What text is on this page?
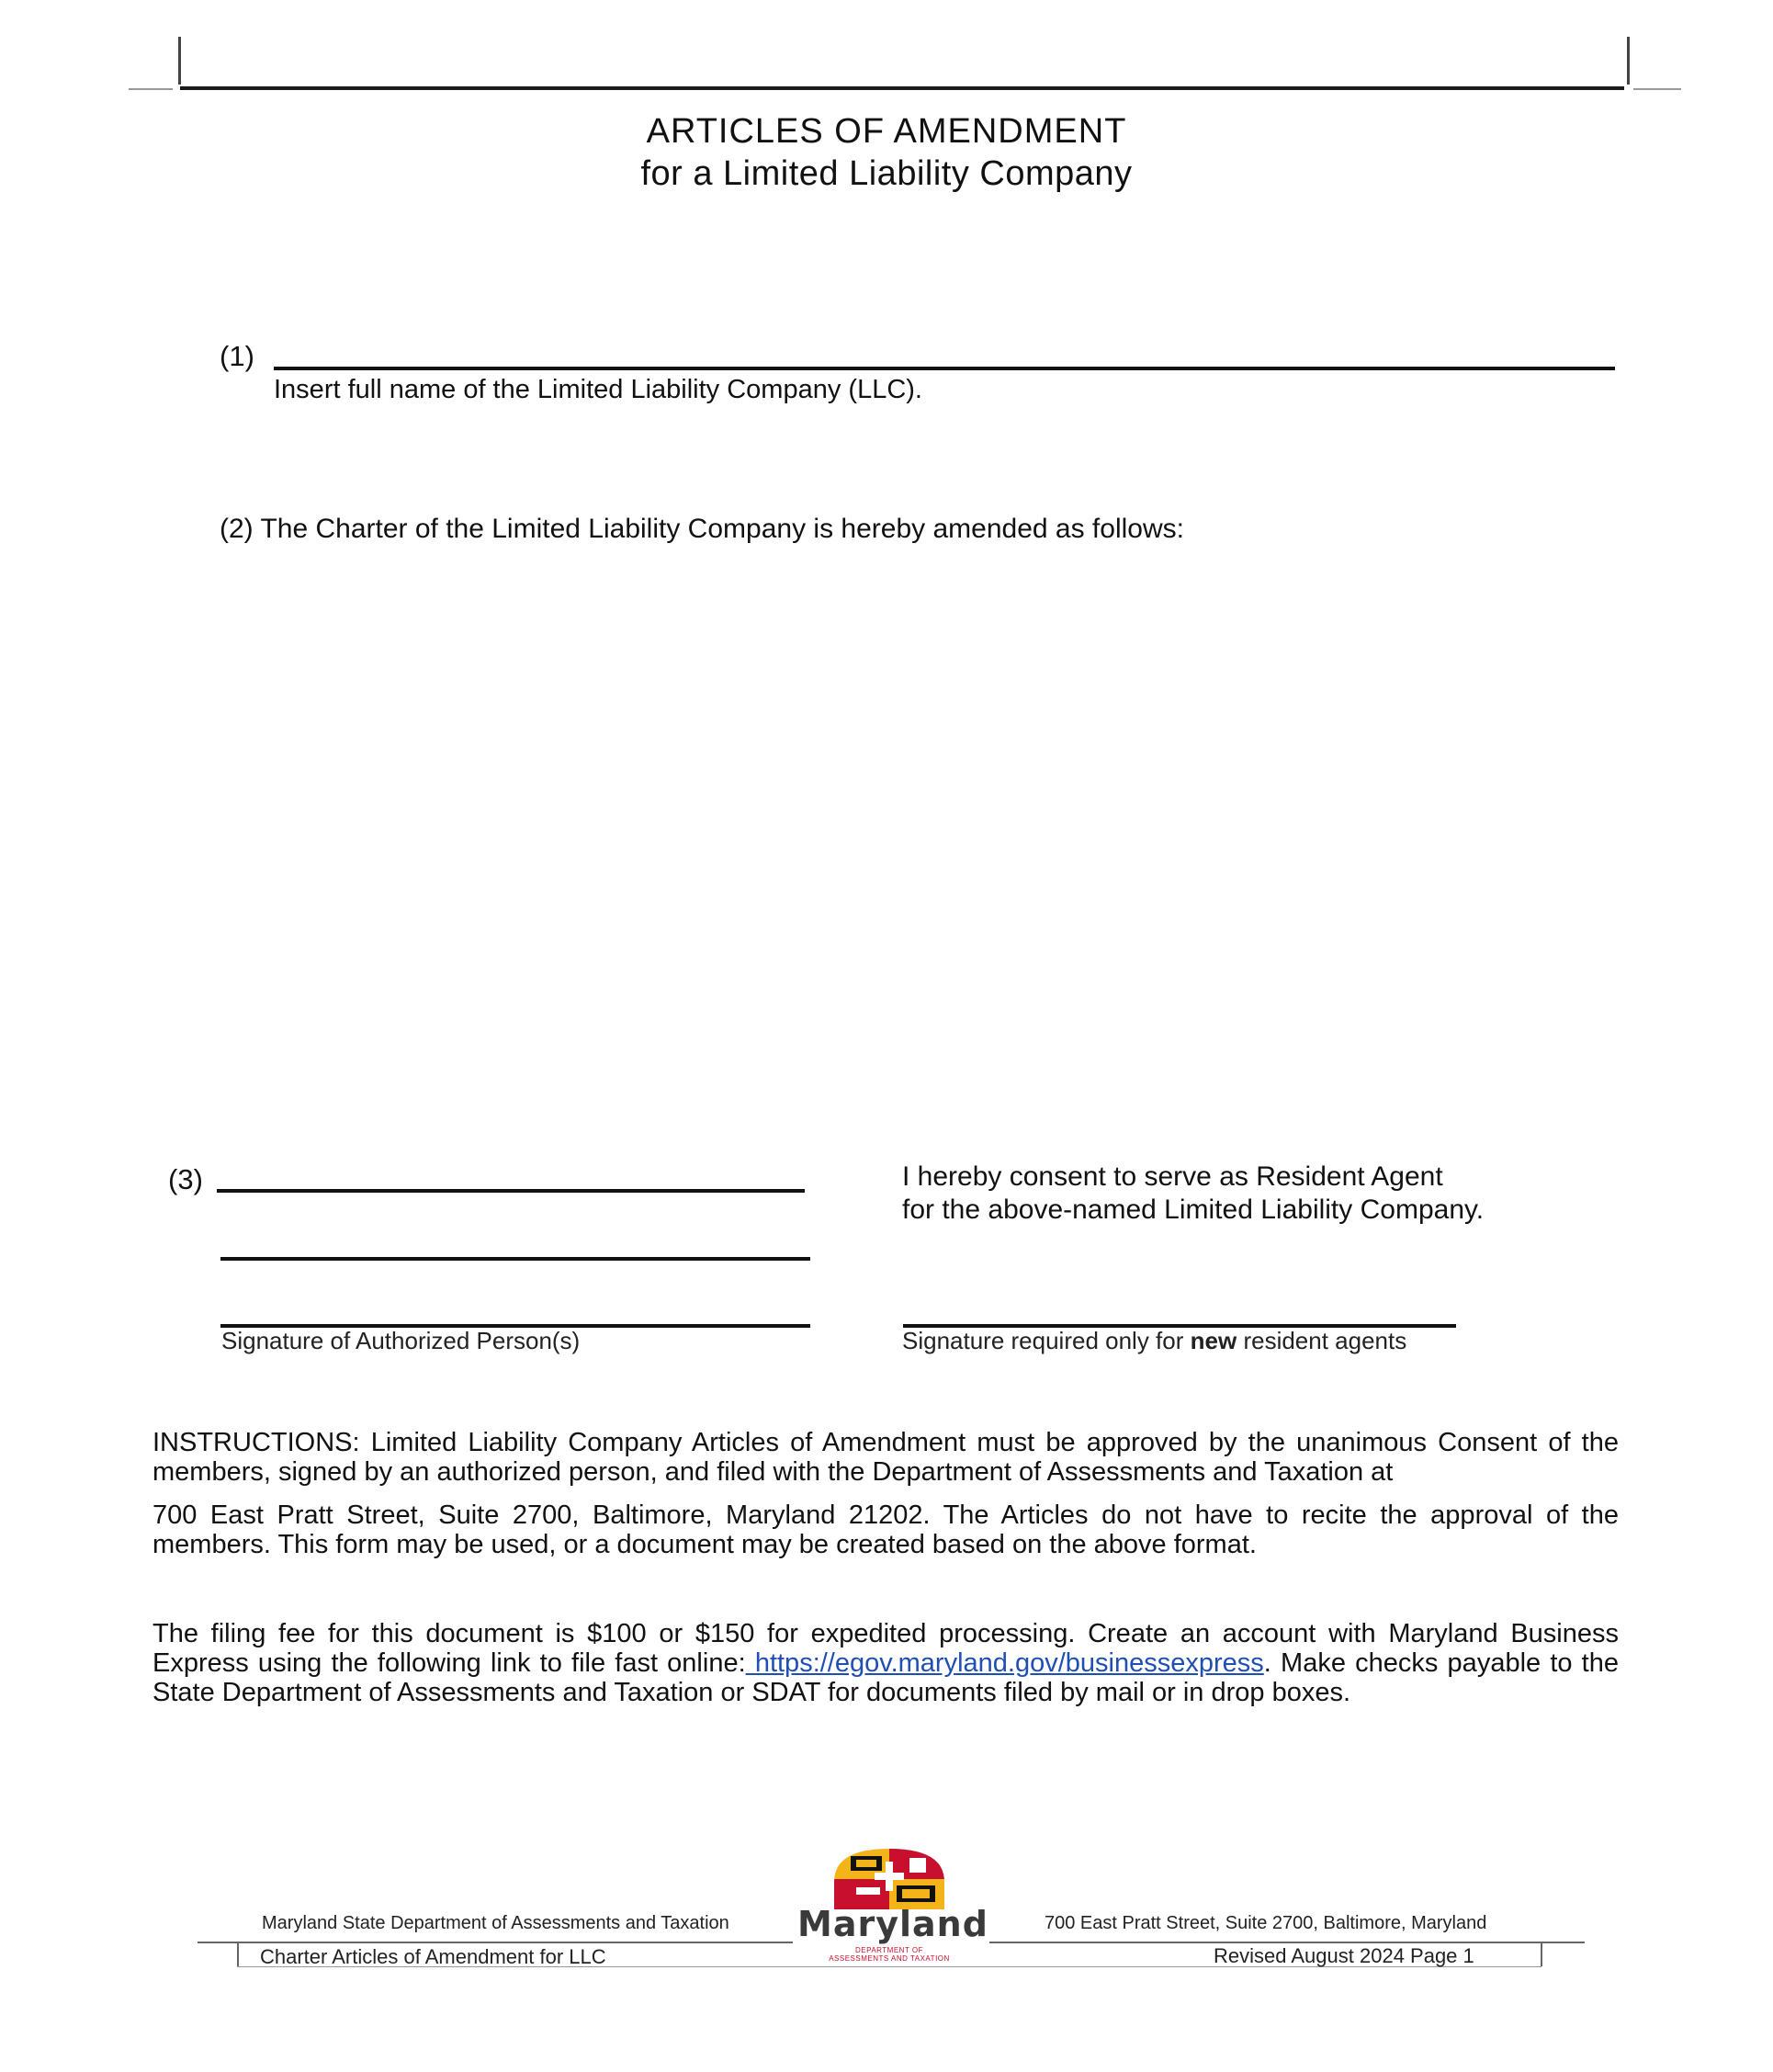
ARTICLES OF AMENDMENT
for a Limited Liability Company
(1)
Insert full name of the Limited Liability Company (LLC).
(2) The Charter of the Limited Liability Company is hereby amended as follows:
(3)
Signature of Authorized Person(s)
I hereby consent to serve as Resident Agent
for the above-named Limited Liability Company.
Signature required only for new resident agents
INSTRUCTIONS: Limited Liability Company Articles of Amendment must be approved by the unanimous Consent of the members, signed by an authorized person, and filed with the Department of Assessments and Taxation at
700 East Pratt Street, Suite 2700, Baltimore, Maryland 21202. The Articles do not have to recite the approval of the members. This form may be used, or a document may be created based on the above format.
The filing fee for this document is $100 or $150 for expedited processing. Create an account with Maryland Business Express using the following link to file fast online: https://egov.maryland.gov/businessexpress. Make checks payable to the State Department of Assessments and Taxation or SDAT for documents filed by mail or in drop boxes.
Maryland State Department of Assessments and Taxation	700 East Pratt Street, Suite 2700, Baltimore, Maryland
Charter Articles of Amendment for LLC	Revised August 2024 Page 1
Maryland
DEPARTMENT OF
ASSESSMENTS AND TAXATION
